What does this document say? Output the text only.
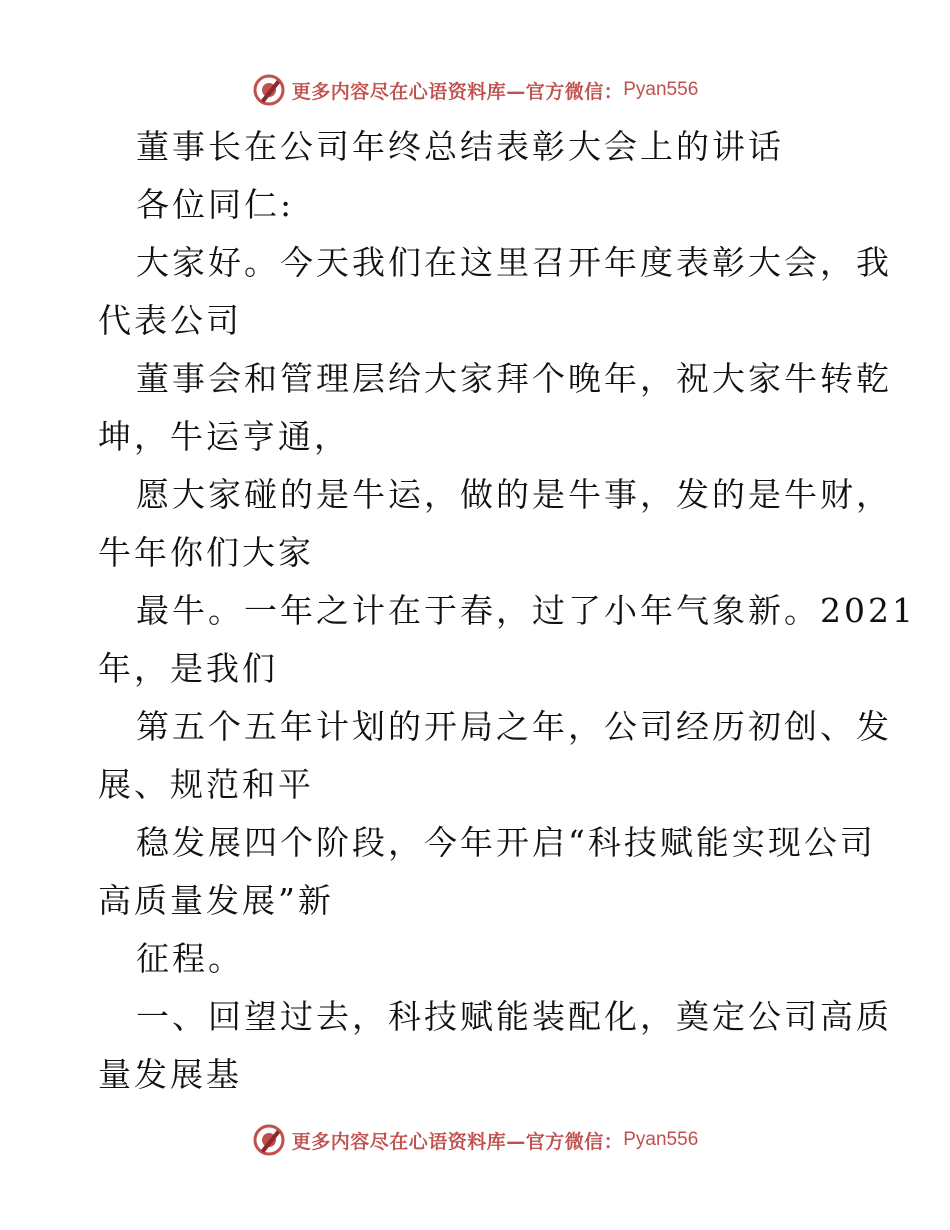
更多内容尽在心语资料库—官方微信： Pyan556
董事长在公司年终总结表彰大会上的讲话
各位同仁:
大家好。今天我们在这里召开年度表彰大会，我
代表公司
董事会和管理层给大家拜个晚年，祝大家牛转乾
坤，牛运亨通，
愿大家碰的是牛运，做的是牛事，发的是牛财，
牛年你们大家
最牛。一年之计在于春，过了小年气象新。2021
年，是我们
第五个五年计划的开局之年，公司经历初创、发
展、规范和平
稳发展四个阶段，今年开启“科技赋能实现公司
高质量发展”新
征程。
一、回望过去，科技赋能装配化，奠定公司高质
量发展基
更多内容尽在心语资料库—官方微信： Pyan556
